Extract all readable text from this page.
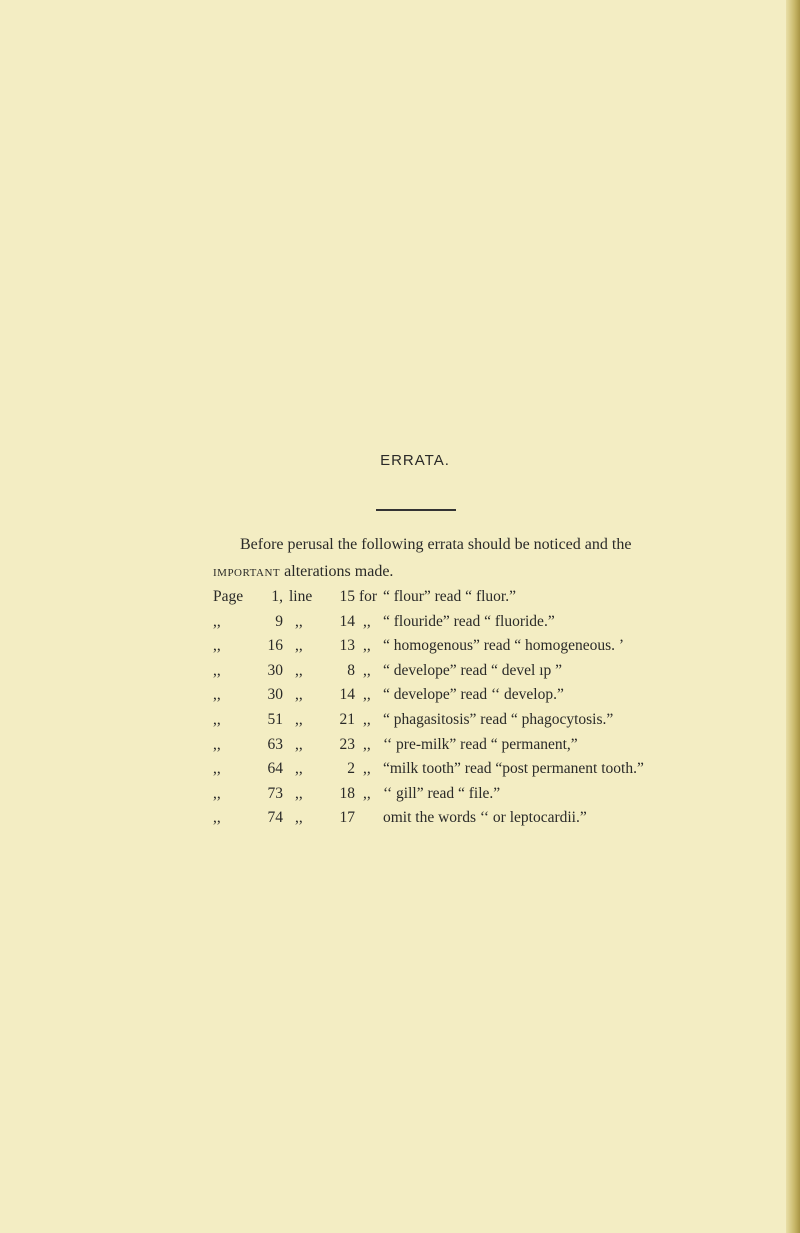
ERRATA.
Before perusal the following errata should be noticed and the
important alterations made.
Page	1, line	15 for “ flour” read “ fluor.”
,,	9 ,,	14 ,, “ flouride” read “ fluoride.”
,,	16 ,,	13 ,, “ homogenous” read “ homogeneous. ’
,,	30 ,,	8 ,, “ develope” read “ devel ıp ”
,,	30 ,,	14 ,, “ develope” read ‘‘ develop.”
,,	51 ,,	21 ,, “ phagasitosis” read “ phagocytosis.”
,,	63 ,,	23 ,, ‘‘ pre-milk” read “ permanent,”
,,	64 ,,	2 ,, “milk tooth” read “post permanent tooth.”
,,	73 ,,	18 ,, ‘‘ gill” read “ file.”
,,	74 ,,	17 omit the words ‘‘ or leptocardii.”
